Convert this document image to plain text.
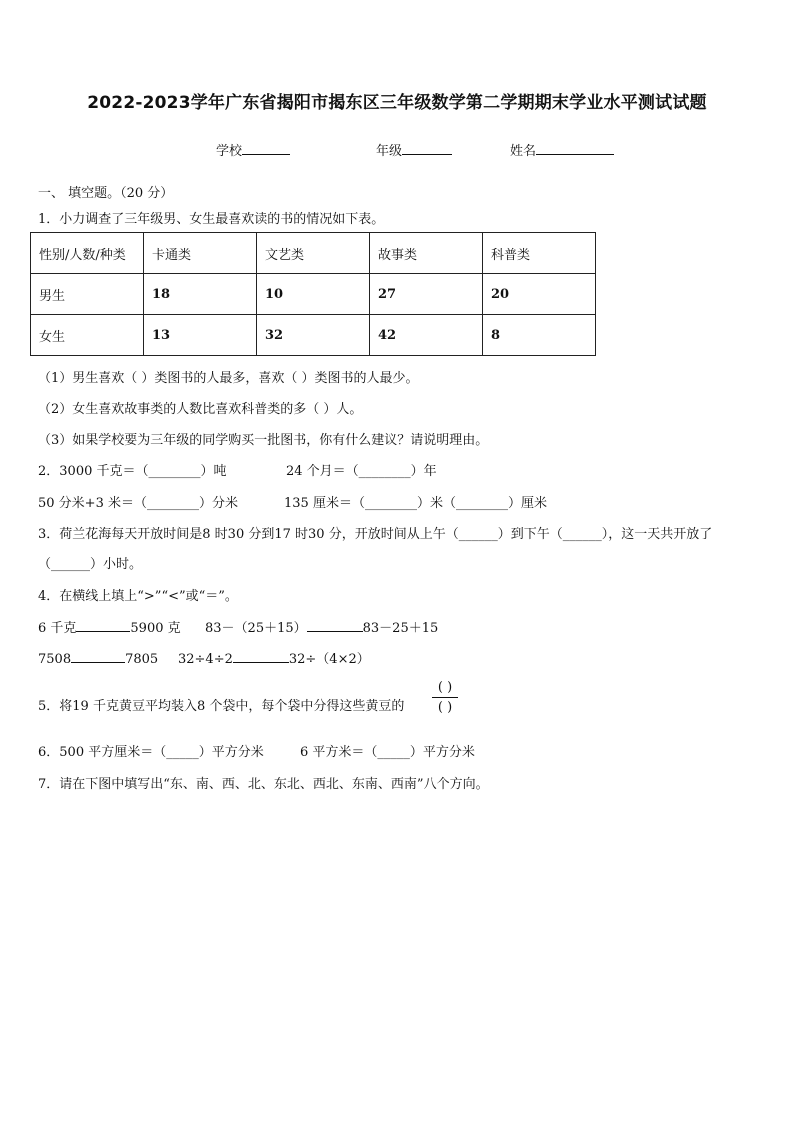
2022-2023学年广东省揭阳市揭东区三年级数学第二学期期末学业水平测试试题
学校	年级	姓名
一、 填空题。（20 分）
1．小力调查了三年级男、女生最喜欢读的书的情况如下表。
性别/人数/种类	卡通类	文艺类	故事类	科普类
男生	18	10	27	20
女生	13	32	42	8
（1）男生喜欢（ ）类图书的人最多，喜欢（ ）类图书的人最少。
（2）女生喜欢故事类的人数比喜欢科普类的多（ ）人。
（3）如果学校要为三年级的同学购买一批图书，你有什么建议？请说明理由。
2．3000 千克＝（________）吨	24 个月＝（________）年
50 分米+3 米＝（________）分米	135 厘米＝（________）米（________）厘米
3．荷兰花海每天开放时间是8 时30 分到17 时30 分，开放时间从上午（______）到下午（______），这一天共开放了
（______）小时。
4．在横线上填上“>”“<”或“＝”。
6 千克	5900 克 83－（25＋15）	83－25＋15
7508	7805 32÷4÷2	32÷（4×2）
5．将19 千克黄豆平均装入8 个袋中，每个袋中分得这些黄豆的
( )
( )
6．500 平方厘米＝（_____）平方分米	6 平方米＝（_____）平方分米
7．请在下图中填写出“东、南、西、北、东北、西北、东南、西南”八个方向。
